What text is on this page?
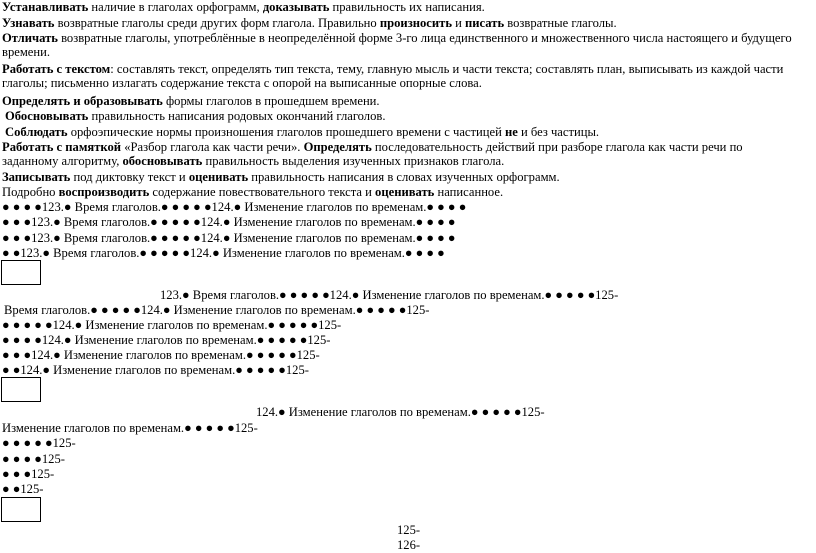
Устанавливать наличие в глаголах орфограмм, доказывать правильность их написания.
Узнавать возвратные глаголы среди других форм глагола. Правильно произносить и писать возвратные глаголы.
Отличать возвратные глаголы, употреблённые в неопределённой форме 3-го лица единственного и множественного числа настоящего и будущего времени.
Работать с текстом: составлять текст, определять тип текста, тему, главную мысль и части текста; составлять план, выписывать из каждой части глаголы; письменно излагать содержание текста с опорой на выписанные опорные слова.
Определять и образовывать формы глаголов в прошедшем времени.
Обосновывать правильность написания родовых окончаний глаголов.
Соблюдать орфоэпические нормы произношения глаголов прошедшего времени с частицей не и без частицы.
Работать с памяткой «Разбор глагола как части речи». Определять последовательность действий при разборе глагола как части речи по заданному алгоритму, обосновывать правильность выделения изученных признаков глагола.
Записывать под диктовку текст и оценивать правильность написания в словах изученных орфограмм.
Подробно воспроизводить содержание повествовательного текста и оценивать написанное.
● ● ● ●123.● Время глаголов.● ● ● ● ●124.● Изменение глаголов по временам.● ● ● ●
● ● ●123.● Время глаголов.● ● ● ● ●124.● Изменение глаголов по временам.● ● ● ●
● ● ●123.● Время глаголов.● ● ● ● ●124.● Изменение глаголов по временам.● ● ● ●
● ●123.● Время глаголов.● ● ● ● ●124.● Изменение глаголов по временам.● ● ● ●
123.● Время глаголов.● ● ● ● ●124.● Изменение глаголов по временам.● ● ● ● ●125-
Время глаголов.● ● ● ● ●124.● Изменение глаголов по временам.● ● ● ● ●125-
● ● ● ● ●124.● Изменение глаголов по временам.● ● ● ● ●125-
● ● ● ●124.● Изменение глаголов по временам.● ● ● ● ●125-
● ● ●124.● Изменение глаголов по временам.● ● ● ● ●125-
● ●124.● Изменение глаголов по временам.● ● ● ● ●125-
124.● Изменение глаголов по временам.● ● ● ● ●125-
Изменение глаголов по временам.● ● ● ● ●125-
● ● ● ● ●125-
● ● ● ●125-
● ● ●125-
● ●125-
125-
126-
